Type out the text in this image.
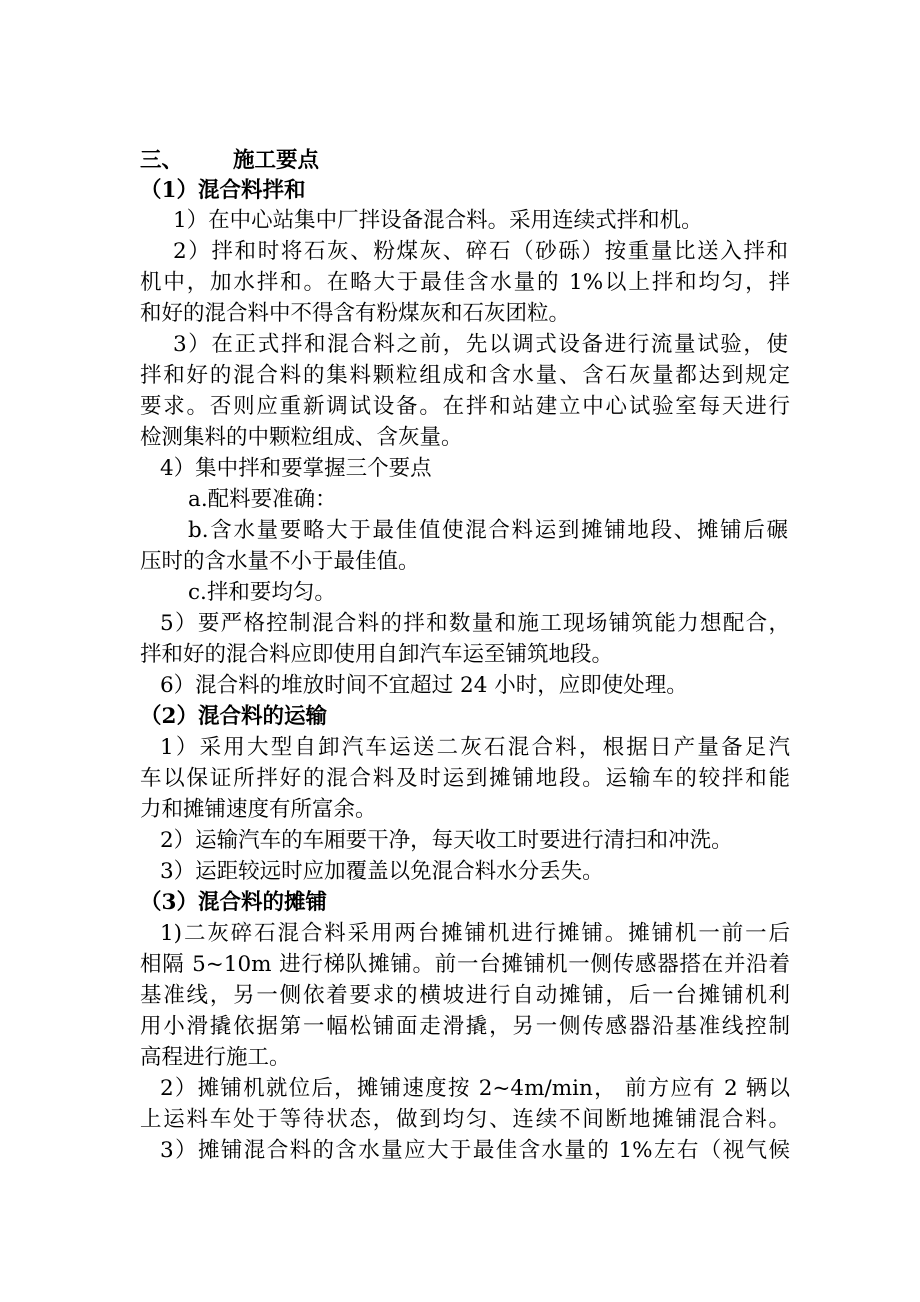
三、 施工要点
（1）混合料拌和
1）在中心站集中厂拌设备混合料。采用连续式拌和机。
2）拌和时将石灰、粉煤灰、碎石（砂砾）按重量比送入拌和
机中，加水拌和。在略大于最佳含水量的 1%以上拌和均匀，拌
和好的混合料中不得含有粉煤灰和石灰团粒。
3）在正式拌和混合料之前，先以调式设备进行流量试验，使
拌和好的混合料的集料颗粒组成和含水量、含石灰量都达到规定
要求。否则应重新调试设备。在拌和站建立中心试验室每天进行
检测集料的中颗粒组成、含灰量。
4）集中拌和要掌握三个要点
a.配料要准确：
b.含水量要略大于最佳值使混合料运到摊铺地段、摊铺后碾
压时的含水量不小于最佳值。
c.拌和要均匀。
5）要严格控制混合料的拌和数量和施工现场铺筑能力想配合，
拌和好的混合料应即使用自卸汽车运至铺筑地段。
6）混合料的堆放时间不宜超过 24 小时，应即使处理。
（2）混合料的运输
1）采用大型自卸汽车运送二灰石混合料，根据日产量备足汽
车以保证所拌好的混合料及时运到摊铺地段。运输车的较拌和能
力和摊铺速度有所富余。
2）运输汽车的车厢要干净，每天收工时要进行清扫和冲洗。
3）运距较远时应加覆盖以免混合料水分丢失。
（3）混合料的摊铺
1)二灰碎石混合料采用两台摊铺机进行摊铺。摊铺机一前一后
相隔 5~10m 进行梯队摊铺。前一台摊铺机一侧传感器搭在并沿着
基准线，另一侧依着要求的横坡进行自动摊铺，后一台摊铺机利
用小滑撬依据第一幅松铺面走滑撬，另一侧传感器沿基准线控制
高程进行施工。
2）摊铺机就位后，摊铺速度按 2~4m/min， 前方应有 2 辆以
上运料车处于等待状态，做到均匀、连续不间断地摊铺混合料。
3）摊铺混合料的含水量应大于最佳含水量的 1%左右（视气候
